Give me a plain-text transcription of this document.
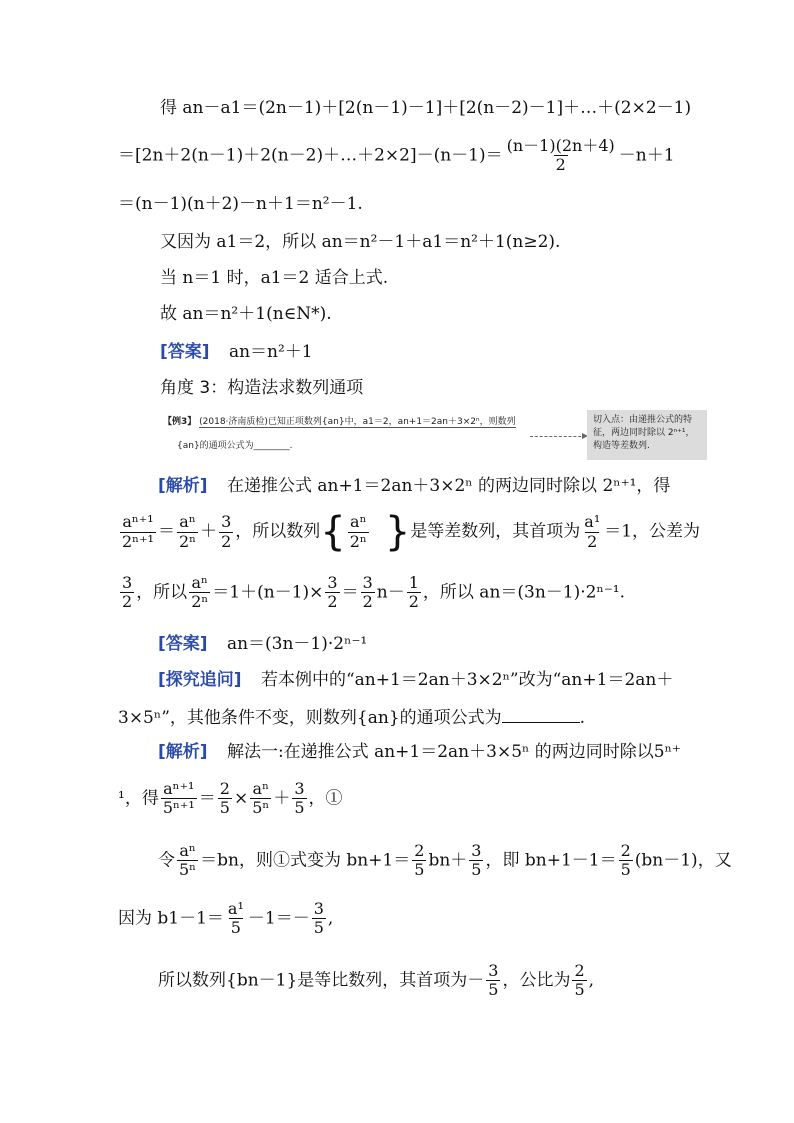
得 an－a1＝(2n－1)＋[2(n－1)－1]＋[2(n－2)－1]＋…＋(2×2－1)
＝[2n＋2(n－1)＋2(n－2)＋…＋2×2]－(n－1)＝ $\frac{(n-1)(2n+4)}{2} -n+1$
＝(n－1)(n＋2)－n＋1＝n²－1.
又因为 a1＝2，所以 an＝n²－1＋a1＝n²＋1(n≥2).
当 n＝1 时，a1＝2 适合上式.
故 an＝n²＋1(n∈N*).
[答案] an＝n²＋1
角度 3：构造法求数列通项
【例3】 (2018·济南质检)已知正项数列{an}中，a1＝2，an+1＝2an＋3×2ⁿ，则数列
{an}的通项公式为________.
切入点：由递推公式的特征，两边同时除以 2ⁿ⁺¹，构造等差数列.
[解析] 在递推公式 an+1＝2an＋3×2ⁿ 的两边同时除以 2ⁿ⁺¹，得
$\frac{\text{aⁿ⁺¹}}{\text{2ⁿ⁺¹}} = \frac{\text{aⁿ}}{\text{2ⁿ}} + \frac{3}{2}$ ，所以数列{ $\frac{\text{aⁿ}}{\text{2ⁿ}}$ }是等差数列，其首项为 $\frac{\text{a¹}}{2} =1$，公差为
$\frac{3}{2}$ ，所以 $\frac{\text{aⁿ}}{\text{2ⁿ}} =1+(n-1)\times \frac{3}{2} = \frac{3}{2} n- \frac{1}{2}$ ，所以 an＝(3n－1)·2ⁿ⁻¹.
[答案] an＝(3n－1)·2ⁿ⁻¹
[探究追问] 若本例中的“an+1＝2an＋3×2ⁿ”改为“an+1＝2an＋
3×5ⁿ”，其他条件不变，则数列{an}的通项公式为	.
[解析] 解法一:在递推公式 an+1＝2an＋3×5ⁿ 的两边同时除以5ⁿ⁺
¹，得 $\frac{\text{aⁿ⁺¹}}{\text{5ⁿ⁺¹}} = \frac{2}{5} \times \frac{\text{aⁿ}}{\text{5ⁿ}} + \frac{3}{5}$ ，①
令 $\frac{\text{aⁿ}}{\text{5ⁿ}} =bn$，则①式变为 $bn+1= \frac{2}{5} bn+ \frac{3}{5}$ ，即 $bn+1-1= \frac{2}{5} (bn-1)$，又
因为 $b1-1= \frac{\text{a¹}}{5} -1=- \frac{3}{5}$ ,
所以数列{bn－1}是等比数列，其首项为－ $\frac{3}{5}$ ，公比为 $\frac{2}{5}$ ,
